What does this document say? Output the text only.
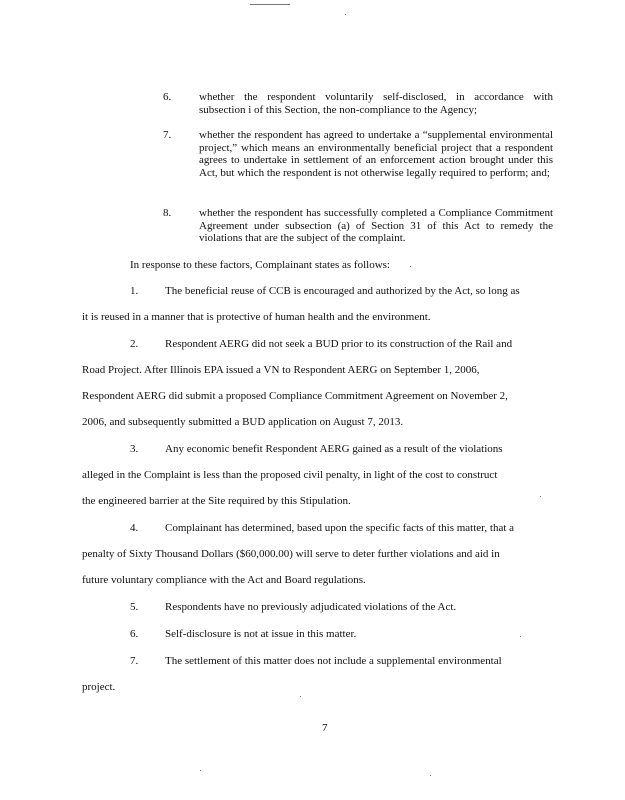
6.	whether the respondent voluntarily self-disclosed, in accordance with subsection i of this Section, the non-compliance to the Agency;
7.	whether the respondent has agreed to undertake a “supplemental environmental project,” which means an environmentally beneficial project that a respondent agrees to undertake in settlement of an enforcement action brought under this Act, but which the respondent is not otherwise legally required to perform; and;
8.	whether the respondent has successfully completed a Compliance Commitment Agreement under subsection (a) of Section 31 of this Act to remedy the violations that are the subject of the complaint.
In response to these factors, Complainant states as follows:
1. The beneficial reuse of CCB is encouraged and authorized by the Act, so long as
it is reused in a manner that is protective of human health and the environment.
2. Respondent AERG did not seek a BUD prior to its construction of the Rail and
Road Project. After Illinois EPA issued a VN to Respondent AERG on September 1, 2006,
Respondent AERG did submit a proposed Compliance Commitment Agreement on November 2,
2006, and subsequently submitted a BUD application on August 7, 2013.
3. Any economic benefit Respondent AERG gained as a result of the violations
alleged in the Complaint is less than the proposed civil penalty, in light of the cost to construct
the engineered barrier at the Site required by this Stipulation.
4. Complainant has determined, based upon the specific facts of this matter, that a
penalty of Sixty Thousand Dollars ($60,000.00) will serve to deter further violations and aid in
future voluntary compliance with the Act and Board regulations.
5. Respondents have no previously adjudicated violations of the Act.
6. Self-disclosure is not at issue in this matter.
7. The settlement of this matter does not include a supplemental environmental
project.
7
